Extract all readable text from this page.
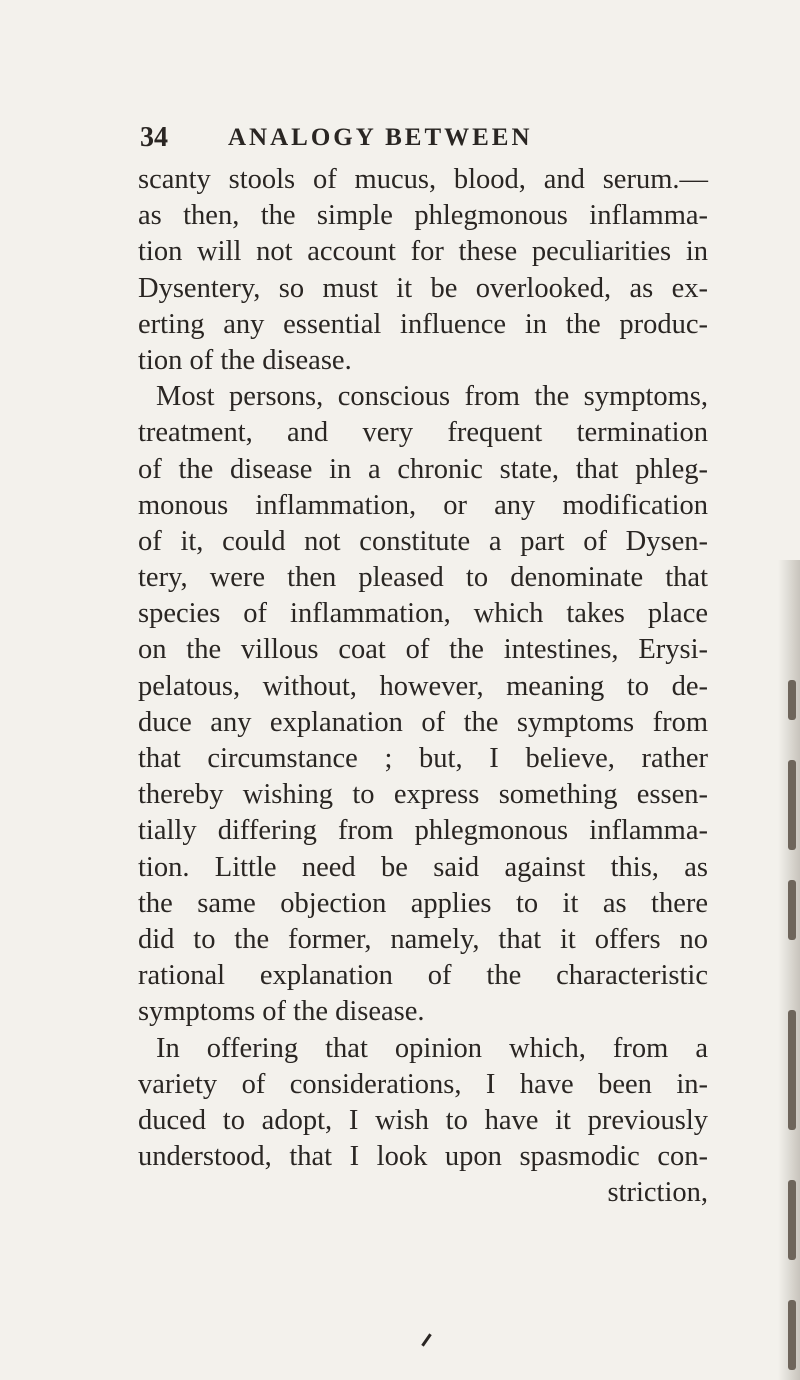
34 ANALOGY BETWEEN
scanty stools of mucus, blood, and serum.—
as then, the simple phlegmonous inflamma-
tion will not account for these peculiarities in
Dysentery, so must it be overlooked, as ex-
erting any essential influence in the produc-
tion of the disease.
Most persons, conscious from the symptoms,
treatment, and very frequent termination
of the disease in a chronic state, that phleg-
monous inflammation, or any modification
of it, could not constitute a part of Dysen-
tery, were then pleased to denominate that
species of inflammation, which takes place
on the villous coat of the intestines, Erysi-
pelatous, without, however, meaning to de-
duce any explanation of the symptoms from
that circumstance ; but, I believe, rather
thereby wishing to express something essen-
tially differing from phlegmonous inflamma-
tion. Little need be said against this, as
the same objection applies to it as there
did to the former, namely, that it offers no
rational explanation of the characteristic
symptoms of the disease.
In offering that opinion which, from a
variety of considerations, I have been in-
duced to adopt, I wish to have it previously
understood, that I look upon spasmodic con-
striction,
